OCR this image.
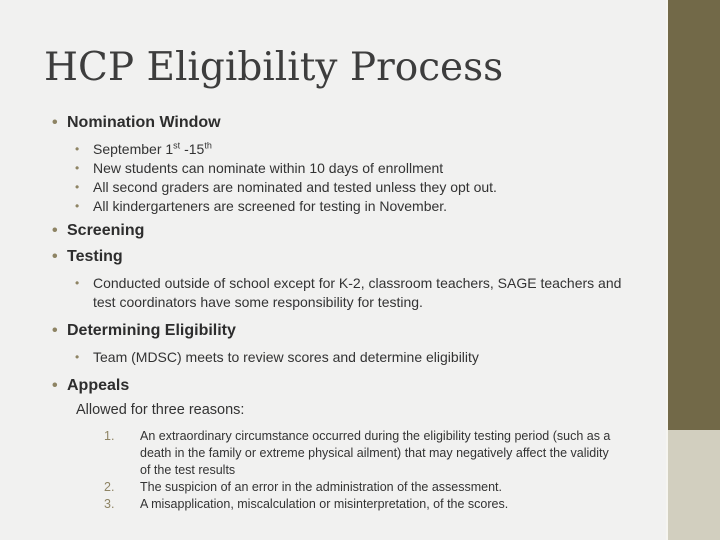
HCP Eligibility Process

• Nomination Window

• September 1st -15th

• New students can nominate within 10 days of enrollment

• All second graders are nominated and tested unless they opt out.

• All kindergarteners are screened for testing in November.

• Screening

• Testing

• Conducted outside of school except for K-2, classroom teachers, SAGE teachers and test coordinators have some responsibility for testing.

• Determining Eligibility

• Team (MDSC) meets to review scores and determine eligibility

• Appeals

Allowed for three reasons:

1. An extraordinary circumstance occurred during the eligibility testing period (such as a death in the family or extreme physical ailment) that may negatively affect the validity of the test results
2. The suspicion of an error in the administration of the assessment.
3. A misapplication, miscalculation or misinterpretation, of the scores.
